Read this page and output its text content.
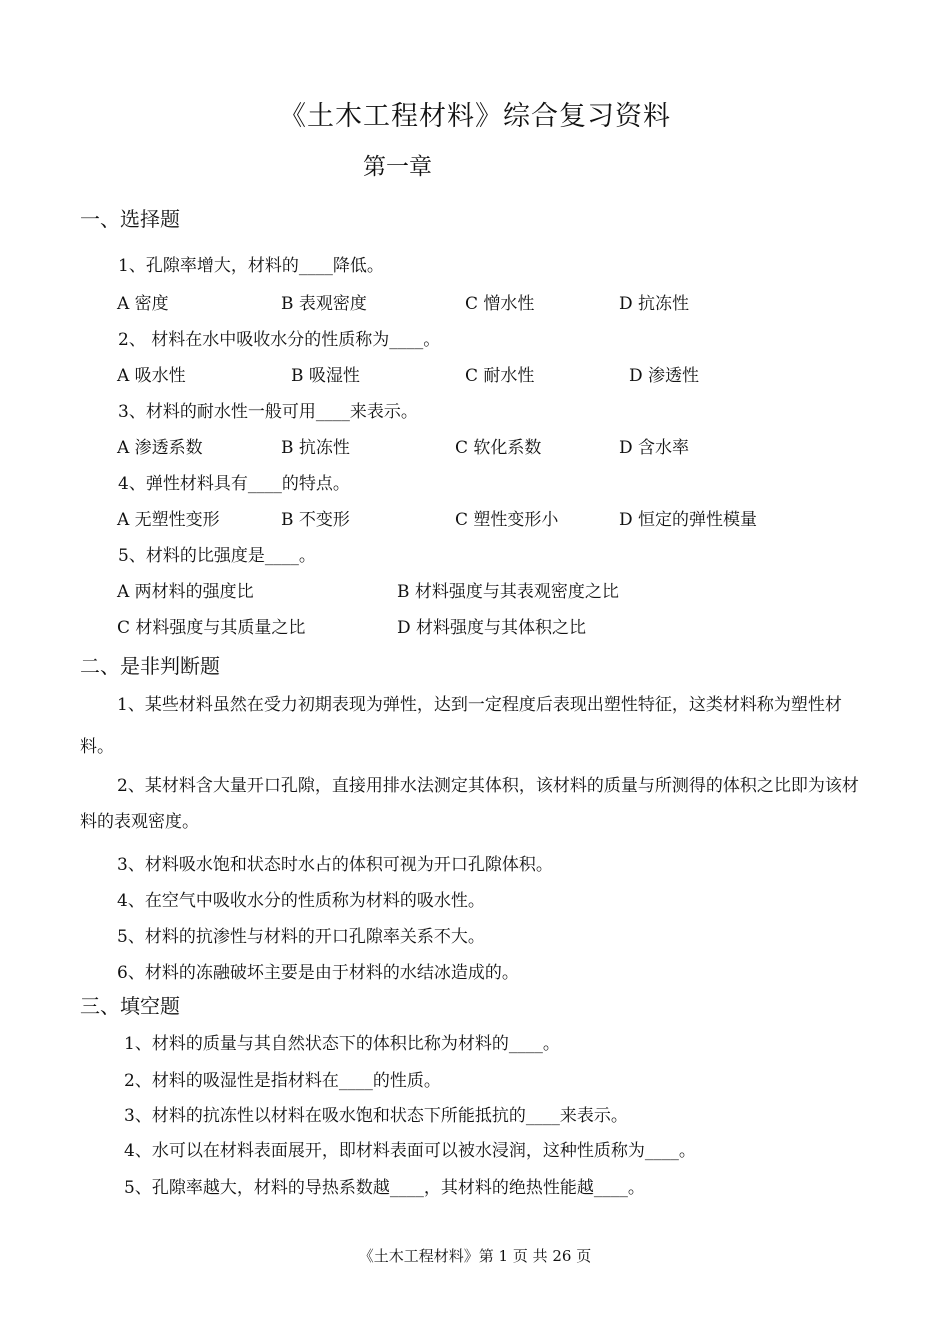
《土木工程材料》综合复习资料
第一章
一、选择题
1、孔隙率增大，材料的____降低。
A 密度	B 表观密度	C 憎水性	D 抗冻性
2、 材料在水中吸收水分的性质称为____。
A 吸水性	B 吸湿性	C 耐水性	D 渗透性
3、材料的耐水性一般可用____来表示。
A 渗透系数	B 抗冻性	C 软化系数	D 含水率
4、弹性材料具有____的特点。
A 无塑性变形	B 不变形	C 塑性变形小	D 恒定的弹性模量
5、材料的比强度是____。
A 两材料的强度比	B 材料强度与其表观密度之比
C 材料强度与其质量之比	D 材料强度与其体积之比
二、是非判断题
1、某些材料虽然在受力初期表现为弹性，达到一定程度后表现出塑性特征，这类材料称为塑性材料。
2、某材料含大量开口孔隙，直接用排水法测定其体积，该材料的质量与所测得的体积之比即为该材料的表观密度。
3、材料吸水饱和状态时水占的体积可视为开口孔隙体积。
4、在空气中吸收水分的性质称为材料的吸水性。
5、材料的抗渗性与材料的开口孔隙率关系不大。
6、材料的冻融破坏主要是由于材料的水结冰造成的。
三、填空题
1、材料的质量与其自然状态下的体积比称为材料的____。
2、材料的吸湿性是指材料在____的性质。
3、材料的抗冻性以材料在吸水饱和状态下所能抵抗的____来表示。
4、水可以在材料表面展开，即材料表面可以被水浸润，这种性质称为____。
5、孔隙率越大，材料的导热系数越____，其材料的绝热性能越____。
《土木工程材料》第 1 页 共 26 页
